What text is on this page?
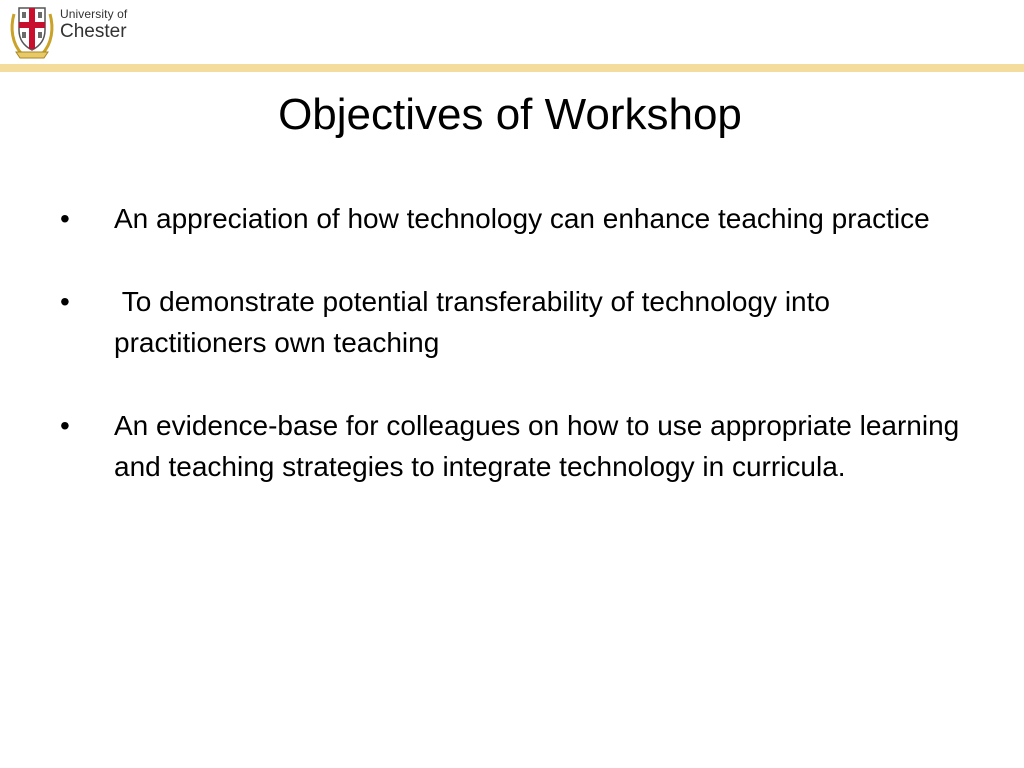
University of
Chester
Objectives of Workshop
• An appreciation of how technology can enhance teaching practice
• To demonstrate potential transferability of technology into practitioners own teaching
• An evidence-base for colleagues on how to use appropriate learning and teaching strategies to integrate technology in curricula.
